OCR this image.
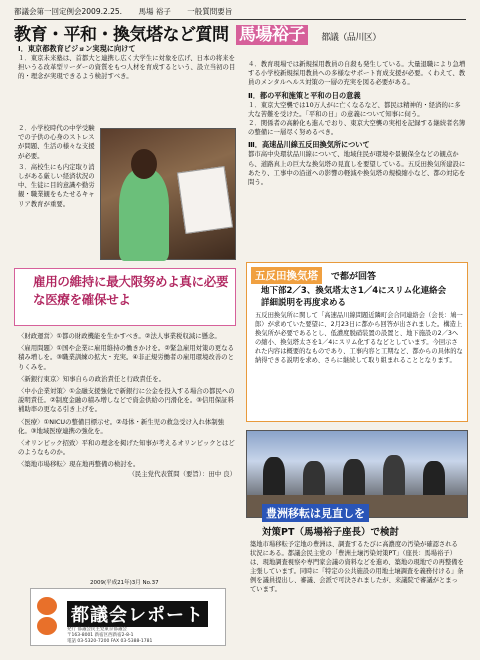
都議会第一回定例会2009.2.25. 馬場 裕子 一般質問要旨
教育・平和・換気塔など質問 馬場裕子 都議（品川区）
Ⅰ．東京都教育ビジョン実現に向けて
１．東京未来塾は、首都大と連携し広く大学生に対象を広げ、日本の将来を担いうる改革型リーダーの資質をもつ人材を育成するという、設立当初の目的・理念が実現できるよう検討すべき。
２．小学校時代の中学受験での子供の心身のストレスが問題、生活の様々な支援が必要。
３．高校生にも内定取り消しがある厳しい経済状況の中、生徒に目的意識や勤労観・職業観をもたせるキャリア教育が重要。
雇用の維持に最大限努めよ真に必要な医療を確保せよ
〈財政運営〉①都の財政機能を生かすべき。②法人事業税収減に懸念。
〈雇用問題〉①国や企業に雇用維持の働きかけを。②緊急雇用対策の更なる積み増しを。③職業訓練の拡大・充実。④非正規労働者の雇用環境改善のとりくみを。
〈新銀行東京〉知事自らの政治責任と行政責任を。
〈中小企業対策〉①金融支援強化で新銀行に公金を投入する場合の都民への説明責任。②制度金融の積み増しなどで資金供給の円滑化を。③信用保証料補助率の更なる引き上げを。
〈医療〉①NICUの整備目標示せ。②母体・新生児の救急受け入れ体制強化。③地域医療連携の強化を。
〈オリンピック招致〉平和の理念を掲げた知事が考えるオリンピックとはどのようなものか。
〈築地市場移転〉現在地再整備の検討を。
（民主党代表質問（要旨）：田中 良）
４．教育現場では新規採用教員の自殺も発生している。大量退職により急増する小学校新規採用教員への多様なサポート育成支援が必要。くわえて、教員のメンタルヘルス対策の一層の充実を図る必要がある。
Ⅱ．都の平和施策と平和の日の意義
１．東京大空襲では10万人がに亡くなるなど、都民は精神的・経済的に多大な苦難を受けた。「平和の日」の意義について知事に伺う。
２．関係者の高齢化も進んでおり、東京大空襲の実相を記録する継続者名簿の整備に一層尽く努めるべき。
Ⅲ．高速品川線五反田換気所について
都市高中央環状品川線について、地域住民が環境や景観保全などの観点から、道路真上の巨大な換気塔の見直しを要望している。五反田換気所建設にあたり、工事中の沿道への影響の軽減や換気塔の規模縮小など、都の対応を問う。
五反田換気塔	で都が回答
地下部2／3、換気塔太さ1／4にスリム化連絡会　詳細説明を再度求める
五反田換気所に関して「高速品川線問題近隣町会合同連絡会（会長：鳩一郎）が求めていた要望に、2月23日に都から回答が出されました。構造上換気所が必要であるとし、低濃度脱硝装置の設置と、地下施設の2／3への縮小、換気塔太さを1／4にスリム化するなどとしています。今回示された内容は概要的なものであり、工事内容と工期など、都からの具体的な納得できる説明を求め、さらに継続して取り組まれることとなります。
豊洲移転は見直しを
対策PT（馬場裕子座長）で検討
築地市場移転予定地の豊洲は、調査するたびに高濃度の汚染が確認される状況にある。都議会民主党の「豊洲土壌汚染対策PT」（座長：馬場裕子）は、現地調査視察や専門家会議の資料などを進め、築地の現地での再整備を主張しています。同時に「特定の公共施設の用地土壌調査を義務付ける」条例を議員提出し、審議、会派で可決されましたが、来議院で審議がとまっています。
2009(平成21年)3月 No.37
都議会レポート
発行 都議会民主党東京都議会
〒163-8001 新宿区西新宿2-8-1
電話 03-5320-7200 FAX 03-5388-1781
